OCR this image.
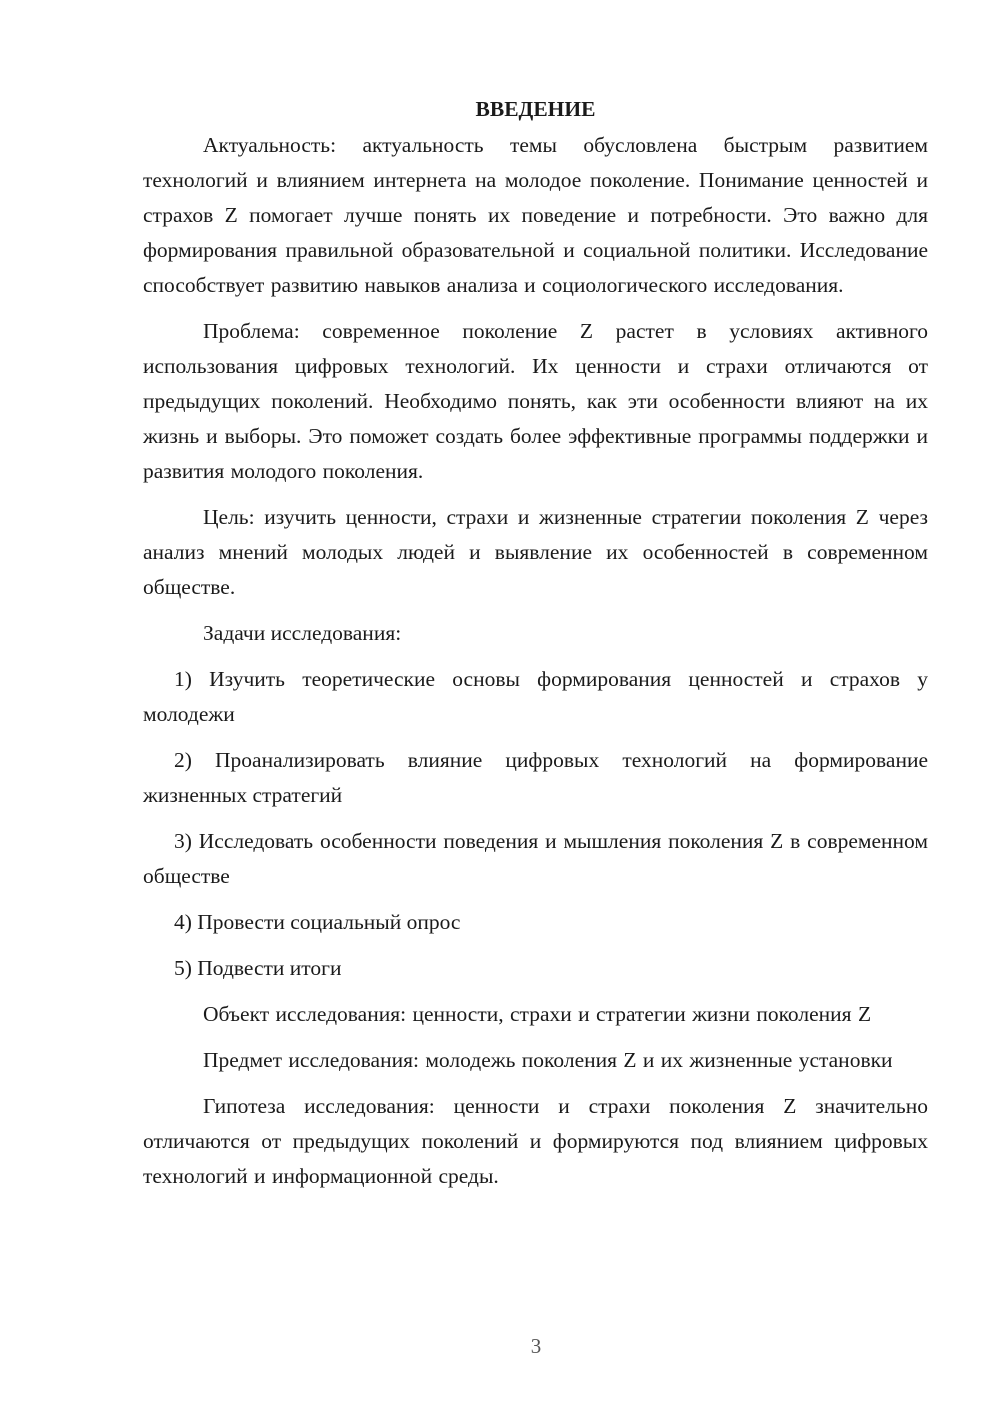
ВВЕДЕНИЕ

Актуальность: актуальность темы обусловлена быстрым развитием технологий и влиянием интернета на молодое поколение. Понимание ценностей и страхов Z помогает лучше понять их поведение и потребности. Это важно для формирования правильной образовательной и социальной политики. Исследование способствует развитию навыков анализа и социологического исследования.

Проблема: современное поколение Z растет в условиях активного использования цифровых технологий. Их ценности и страхи отличаются от предыдущих поколений. Необходимо понять, как эти особенности влияют на их жизнь и выборы. Это поможет создать более эффективные программы поддержки и развития молодого поколения.

Цель: изучить ценности, страхи и жизненные стратегии поколения Z через анализ мнений молодых людей и выявление их особенностей в современном обществе.

Задачи исследования:

1) Изучить теоретические основы формирования ценностей и страхов у молодежи

2) Проанализировать влияние цифровых технологий на формирование жизненных стратегий

3) Исследовать особенности поведения и мышления поколения Z в современном обществе

4) Провести социальный опрос

5) Подвести итоги

Объект исследования: ценности, страхи и стратегии жизни поколения Z

Предмет исследования: молодежь поколения Z и их жизненные установки

Гипотеза исследования: ценности и страхи поколения Z значительно отличаются от предыдущих поколений и формируются под влиянием цифровых технологий и информационной среды.

3
